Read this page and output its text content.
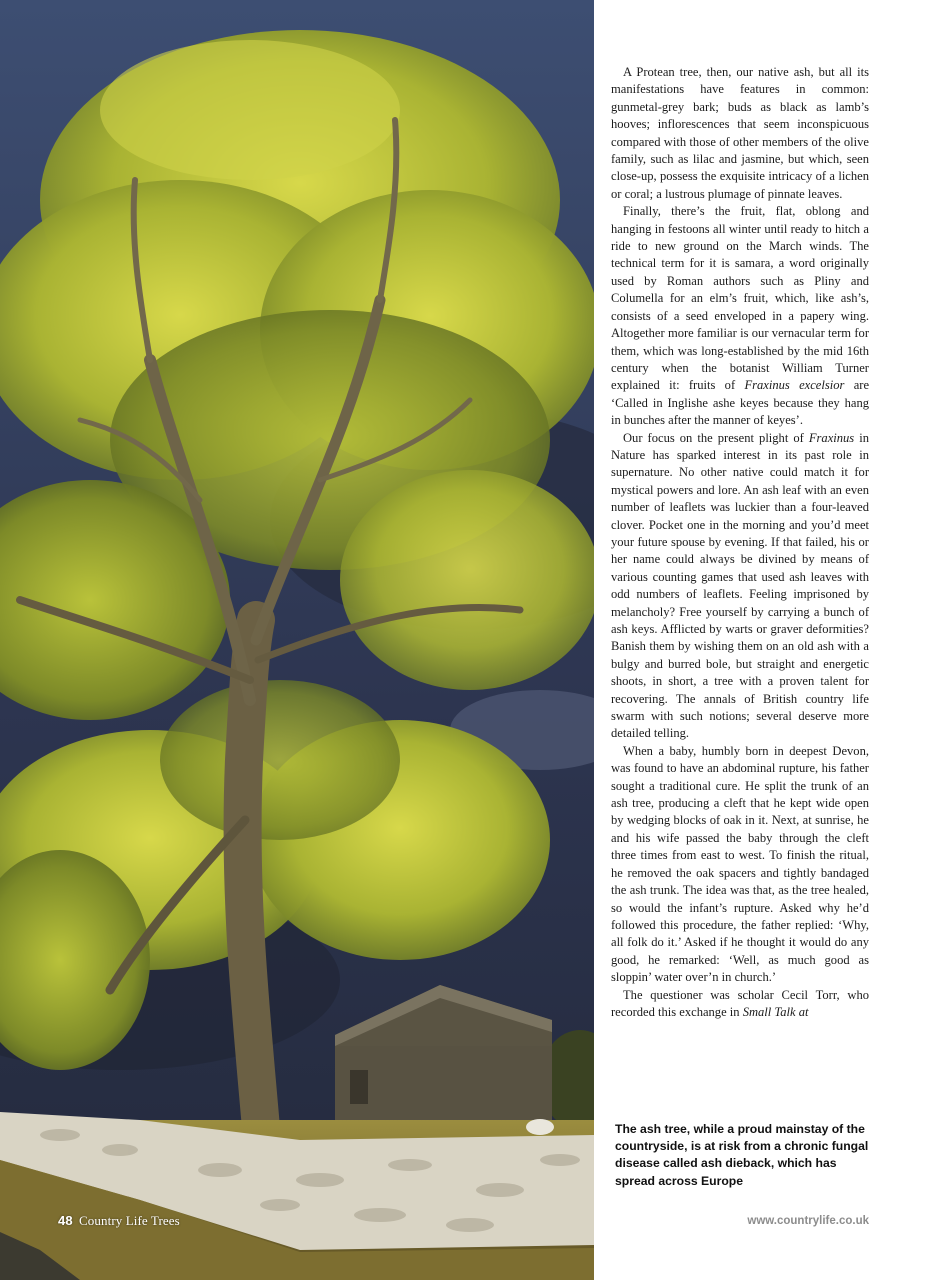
48 Country Life Trees

A Protean tree, then, our native ash, but all its manifestations have features in common: gunmetal-grey bark; buds as black as lamb’s hooves; inflorescences that seem inconspicuous compared with those of other members of the olive family, such as lilac and jasmine, but which, seen close-up, possess the exquisite intricacy of a lichen or coral; a lustrous plumage of pinnate leaves.

Finally, there’s the fruit, flat, oblong and hanging in festoons all winter until ready to hitch a ride to new ground on the March winds. The technical term for it is samara, a word originally used by Roman authors such as Pliny and Columella for an elm’s fruit, which, like ash’s, consists of a seed enveloped in a papery wing. Altogether more familiar is our vernacular term for them, which was long-established by the mid 16th century when the botanist William Turner explained it: fruits of Fraxinus excelsior are ‘Called in Inglishe ashe keyes because they hang in bunches after the manner of keyes’.

Our focus on the present plight of Fraxinus in Nature has sparked interest in its past role in supernature. No other native could match it for mystical powers and lore. An ash leaf with an even number of leaflets was luckier than a four-leaved clover. Pocket one in the morning and you’d meet your future spouse by evening. If that failed, his or her name could always be divined by means of various counting games that used ash leaves with odd numbers of leaflets. Feeling imprisoned by melancholy? Free yourself by carrying a bunch of ash keys. Afflicted by warts or graver deformities? Banish them by wishing them on an old ash with a bulgy and burred bole, but straight and energetic shoots, in short, a tree with a proven talent for recovering. The annals of British country life swarm with such notions; several deserve more detailed telling.

When a baby, humbly born in deepest Devon, was found to have an abdominal rupture, his father sought a traditional cure. He split the trunk of an ash tree, producing a cleft that he kept wide open by wedging blocks of oak in it. Next, at sunrise, he and his wife passed the baby through the cleft three times from east to west. To finish the ritual, he removed the oak spacers and tightly bandaged the ash trunk. The idea was that, as the tree healed, so would the infant’s rupture. Asked why he’d followed this procedure, the father replied: ‘Why, all folk do it.’ Asked if he thought it would do any good, he remarked: ‘Well, as much good as sloppin’ water over’n in church.’

The questioner was scholar Cecil Torr, who recorded this exchange in Small Talk at

The ash tree, while a proud mainstay of the countryside, is at risk from a chronic fungal disease called ash dieback, which has spread across Europe
www.countrylife.co.uk
